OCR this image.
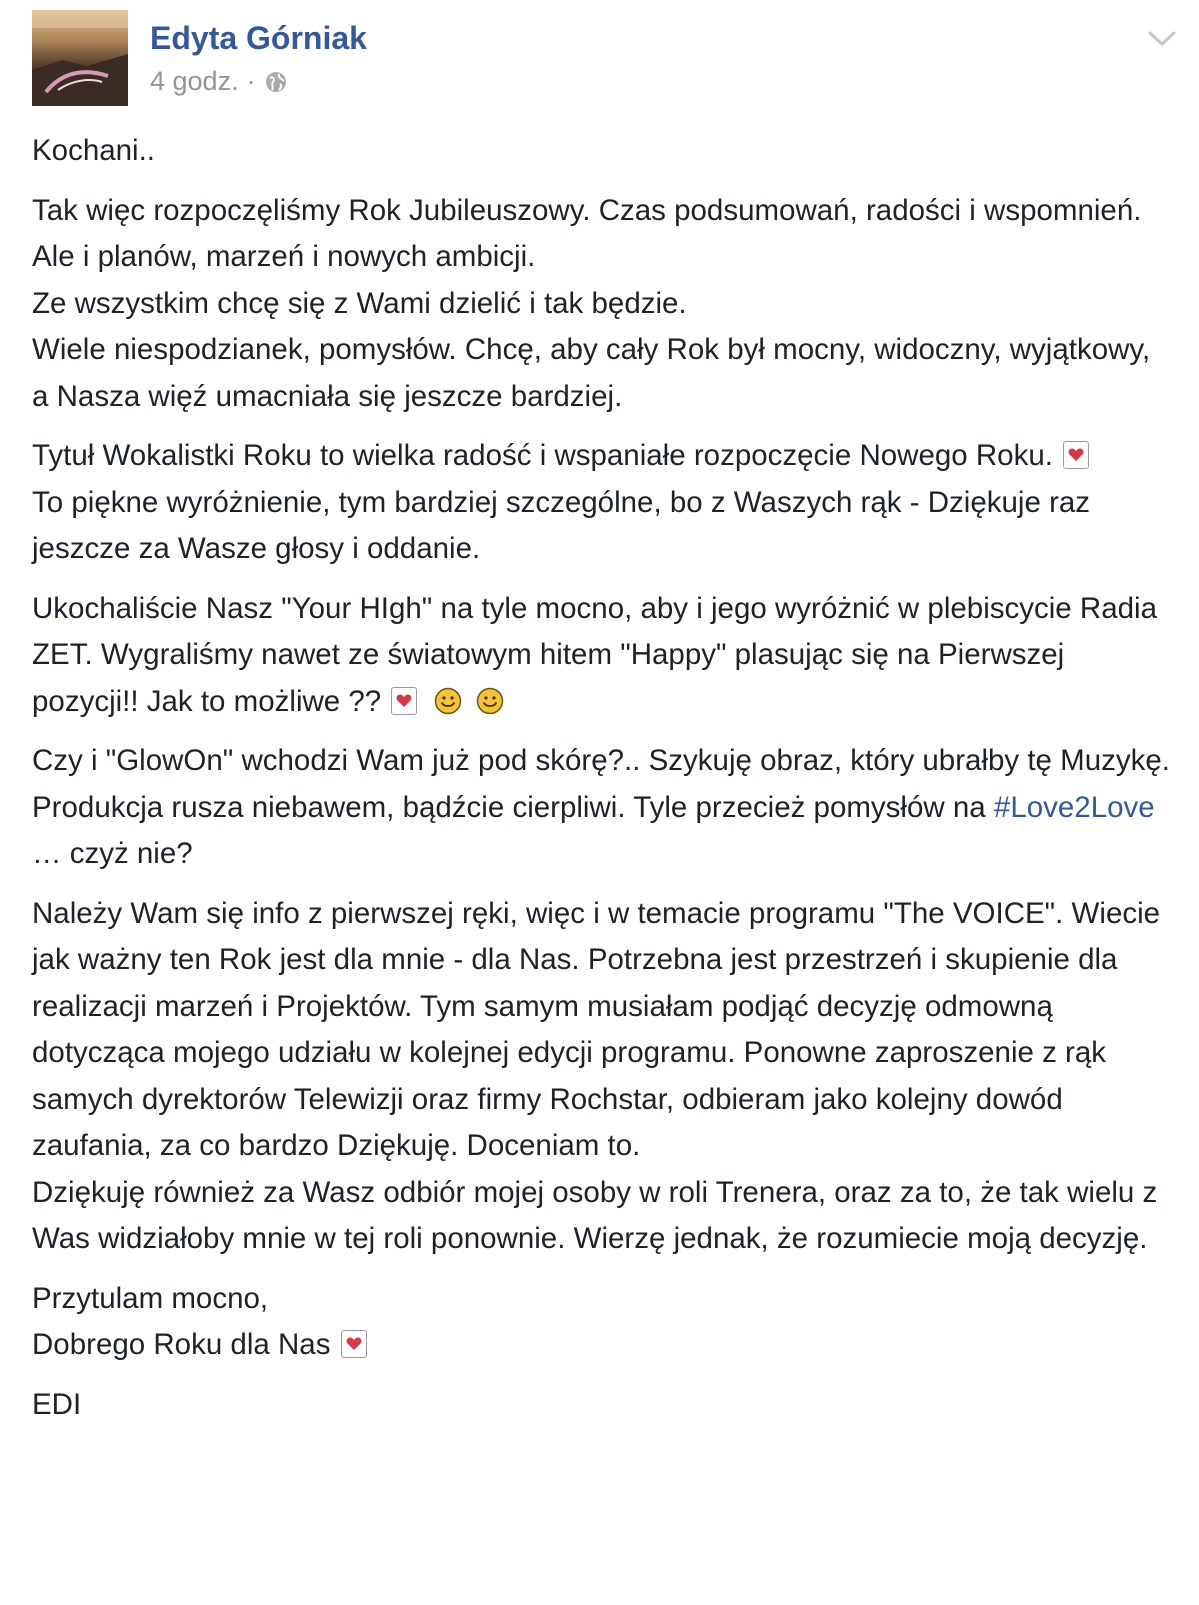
Edyta Górniak
4 godz. ·

Kochani..

Tak więc rozpoczęliśmy Rok Jubileuszowy. Czas podsumowań, radości i wspomnień. Ale i planów, marzeń i nowych ambicji.
Ze wszystkim chcę się z Wami dzielić i tak będzie.
Wiele niespodzianek, pomysłów. Chcę, aby cały Rok był mocny, widoczny, wyjątkowy, a Nasza więź umacniała się jeszcze bardziej.

Tytuł Wokalistki Roku to wielka radość i wspaniałe rozpoczęcie Nowego Roku.

To piękne wyróżnienie, tym bardziej szczególne, bo z Waszych rąk - Dziękuje raz jeszcze za Wasze głosy i oddanie.

Ukochaliście Nasz "Your HIgh" na tyle mocno, aby i jego wyróżnić w plebiscycie Radia ZET. Wygraliśmy nawet ze światowym hitem "Happy" plasując się na Pierwszej pozycji!! Jak to możliwe ??

Czy i "GlowOn" wchodzi Wam już pod skórę?.. Szykuję obraz, który ubrałby tę Muzykę. Produkcja rusza niebawem, bądźcie cierpliwi. Tyle przecież pomysłów na #Love2Love … czyż nie?

Należy Wam się info z pierwszej ręki, więc i w temacie programu "The VOICE". Wiecie jak ważny ten Rok jest dla mnie - dla Nas. Potrzebna jest przestrzeń i skupienie dla realizacji marzeń i Projektów. Tym samym musiałam podjąć decyzję odmowną dotycząca mojego udziału w kolejnej edycji programu. Ponowne zaproszenie z rąk samych dyrektorów Telewizji oraz firmy Rochstar, odbieram jako kolejny dowód zaufania, za co bardzo Dziękuję. Doceniam to.
Dziękuję również za Wasz odbiór mojej osoby w roli Trenera, oraz za to, że tak wielu z Was widziałoby mnie w tej roli ponownie. Wierzę jednak, że rozumiecie moją decyzję.

Przytulam mocno,
Dobrego Roku dla Nas

EDI
